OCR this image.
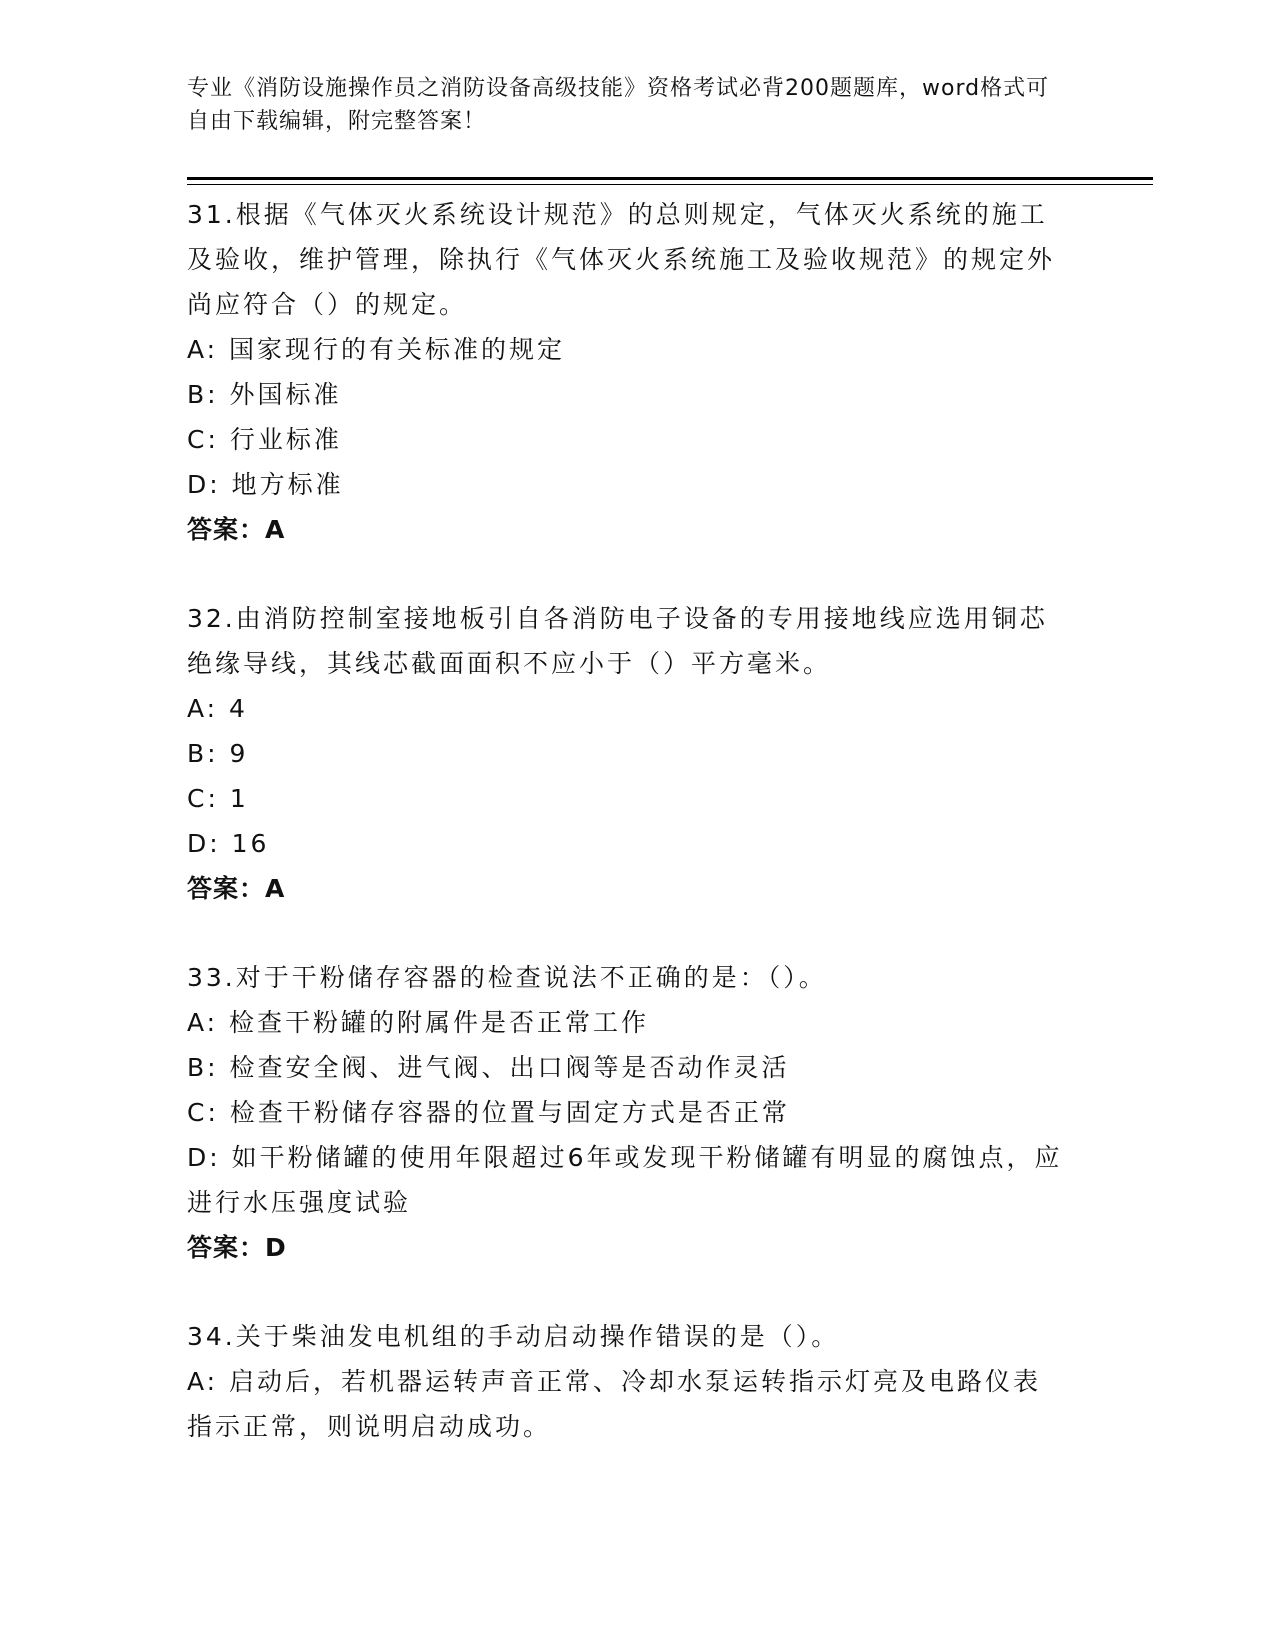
专业《消防设施操作员之消防设备高级技能》资格考试必背200题题库，word格式可自由下载编辑，附完整答案！

31.根据《气体灭火系统设计规范》的总则规定，气体灭火系统的施工及验收，维护管理，除执行《气体灭火系统施工及验收规范》的规定外尚应符合（）的规定。

A: 国家现行的有关标准的规定

B: 外国标准

C: 行业标准

D: 地方标准

答案：A

32.由消防控制室接地板引自各消防电子设备的专用接地线应选用铜芯绝缘导线，其线芯截面面积不应小于（）平方毫米。

A: 4

B: 9

C: 1

D: 16

答案：A

33.对于干粉储存容器的检查说法不正确的是：（）。

A: 检查干粉罐的附属件是否正常工作

B: 检查安全阀、进气阀、出口阀等是否动作灵活

C: 检查干粉储存容器的位置与固定方式是否正常

D: 如干粉储罐的使用年限超过6年或发现干粉储罐有明显的腐蚀点，应进行水压强度试验

答案：D

34.关于柴油发电机组的手动启动操作错误的是（）。

A: 启动后，若机器运转声音正常、冷却水泵运转指示灯亮及电路仪表指示正常，则说明启动成功。
